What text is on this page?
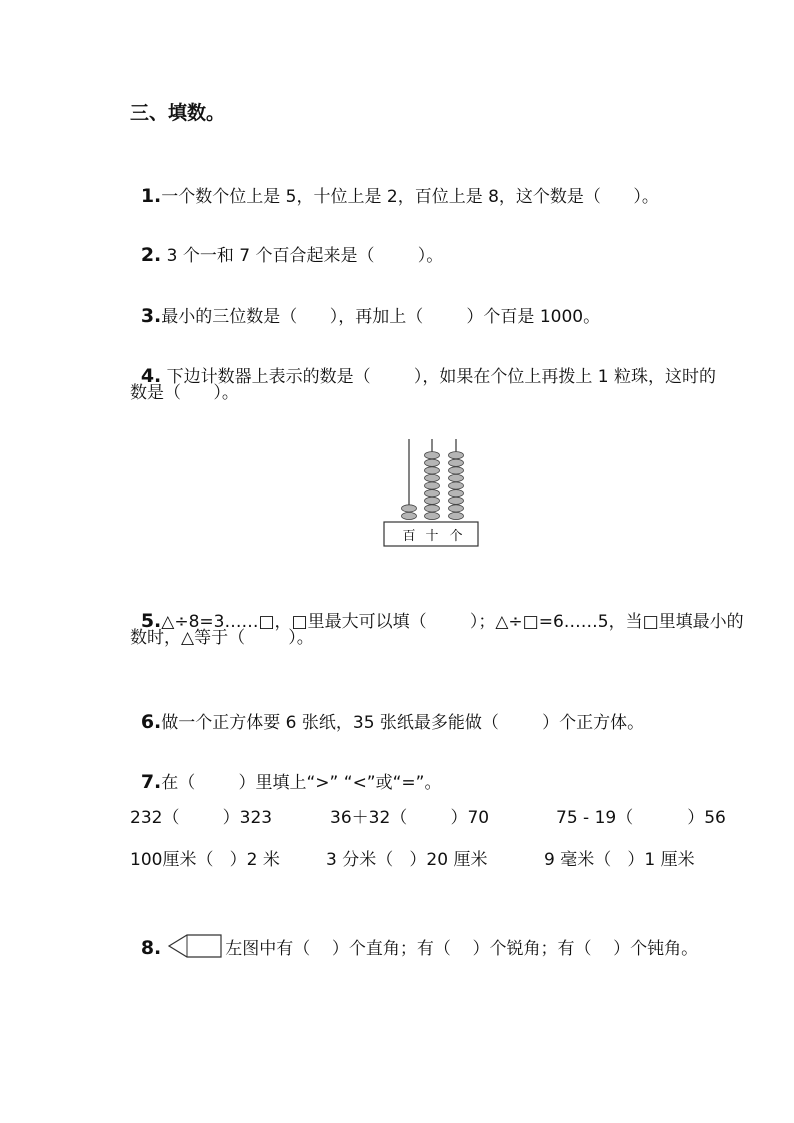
三、填数。

1.一个数个位上是 5，十位上是 2，百位上是 8，这个数是（      ）。

2. 3 个一和 7 个百合起来是（        ）。

3.最小的三位数是（      ），再加上（        ）个百是 1000。

4. 下边计数器上表示的数是（        ），如果在个位上再拨上 1 粒珠，这时的

数是（      ）。
百 十 个

5.△÷8=3……□，□里最大可以填（        ）；△÷□=6……5，当□里填最小的

数时，△等于（        ）。

6.做一个正方体要 6 张纸，35 张纸最多能做（        ）个正方体。

7.在（        ）里填上“>” “<”或“=”。

232（        ）323	36＋32（        ）70	75 - 19（          ）56
100厘米（   ）2 米	3 分米（   ）20 厘米	9 毫米（   ）1 厘米

8.	左图中有（    ）个直角；有（    ）个锐角；有（    ）个钝角。
